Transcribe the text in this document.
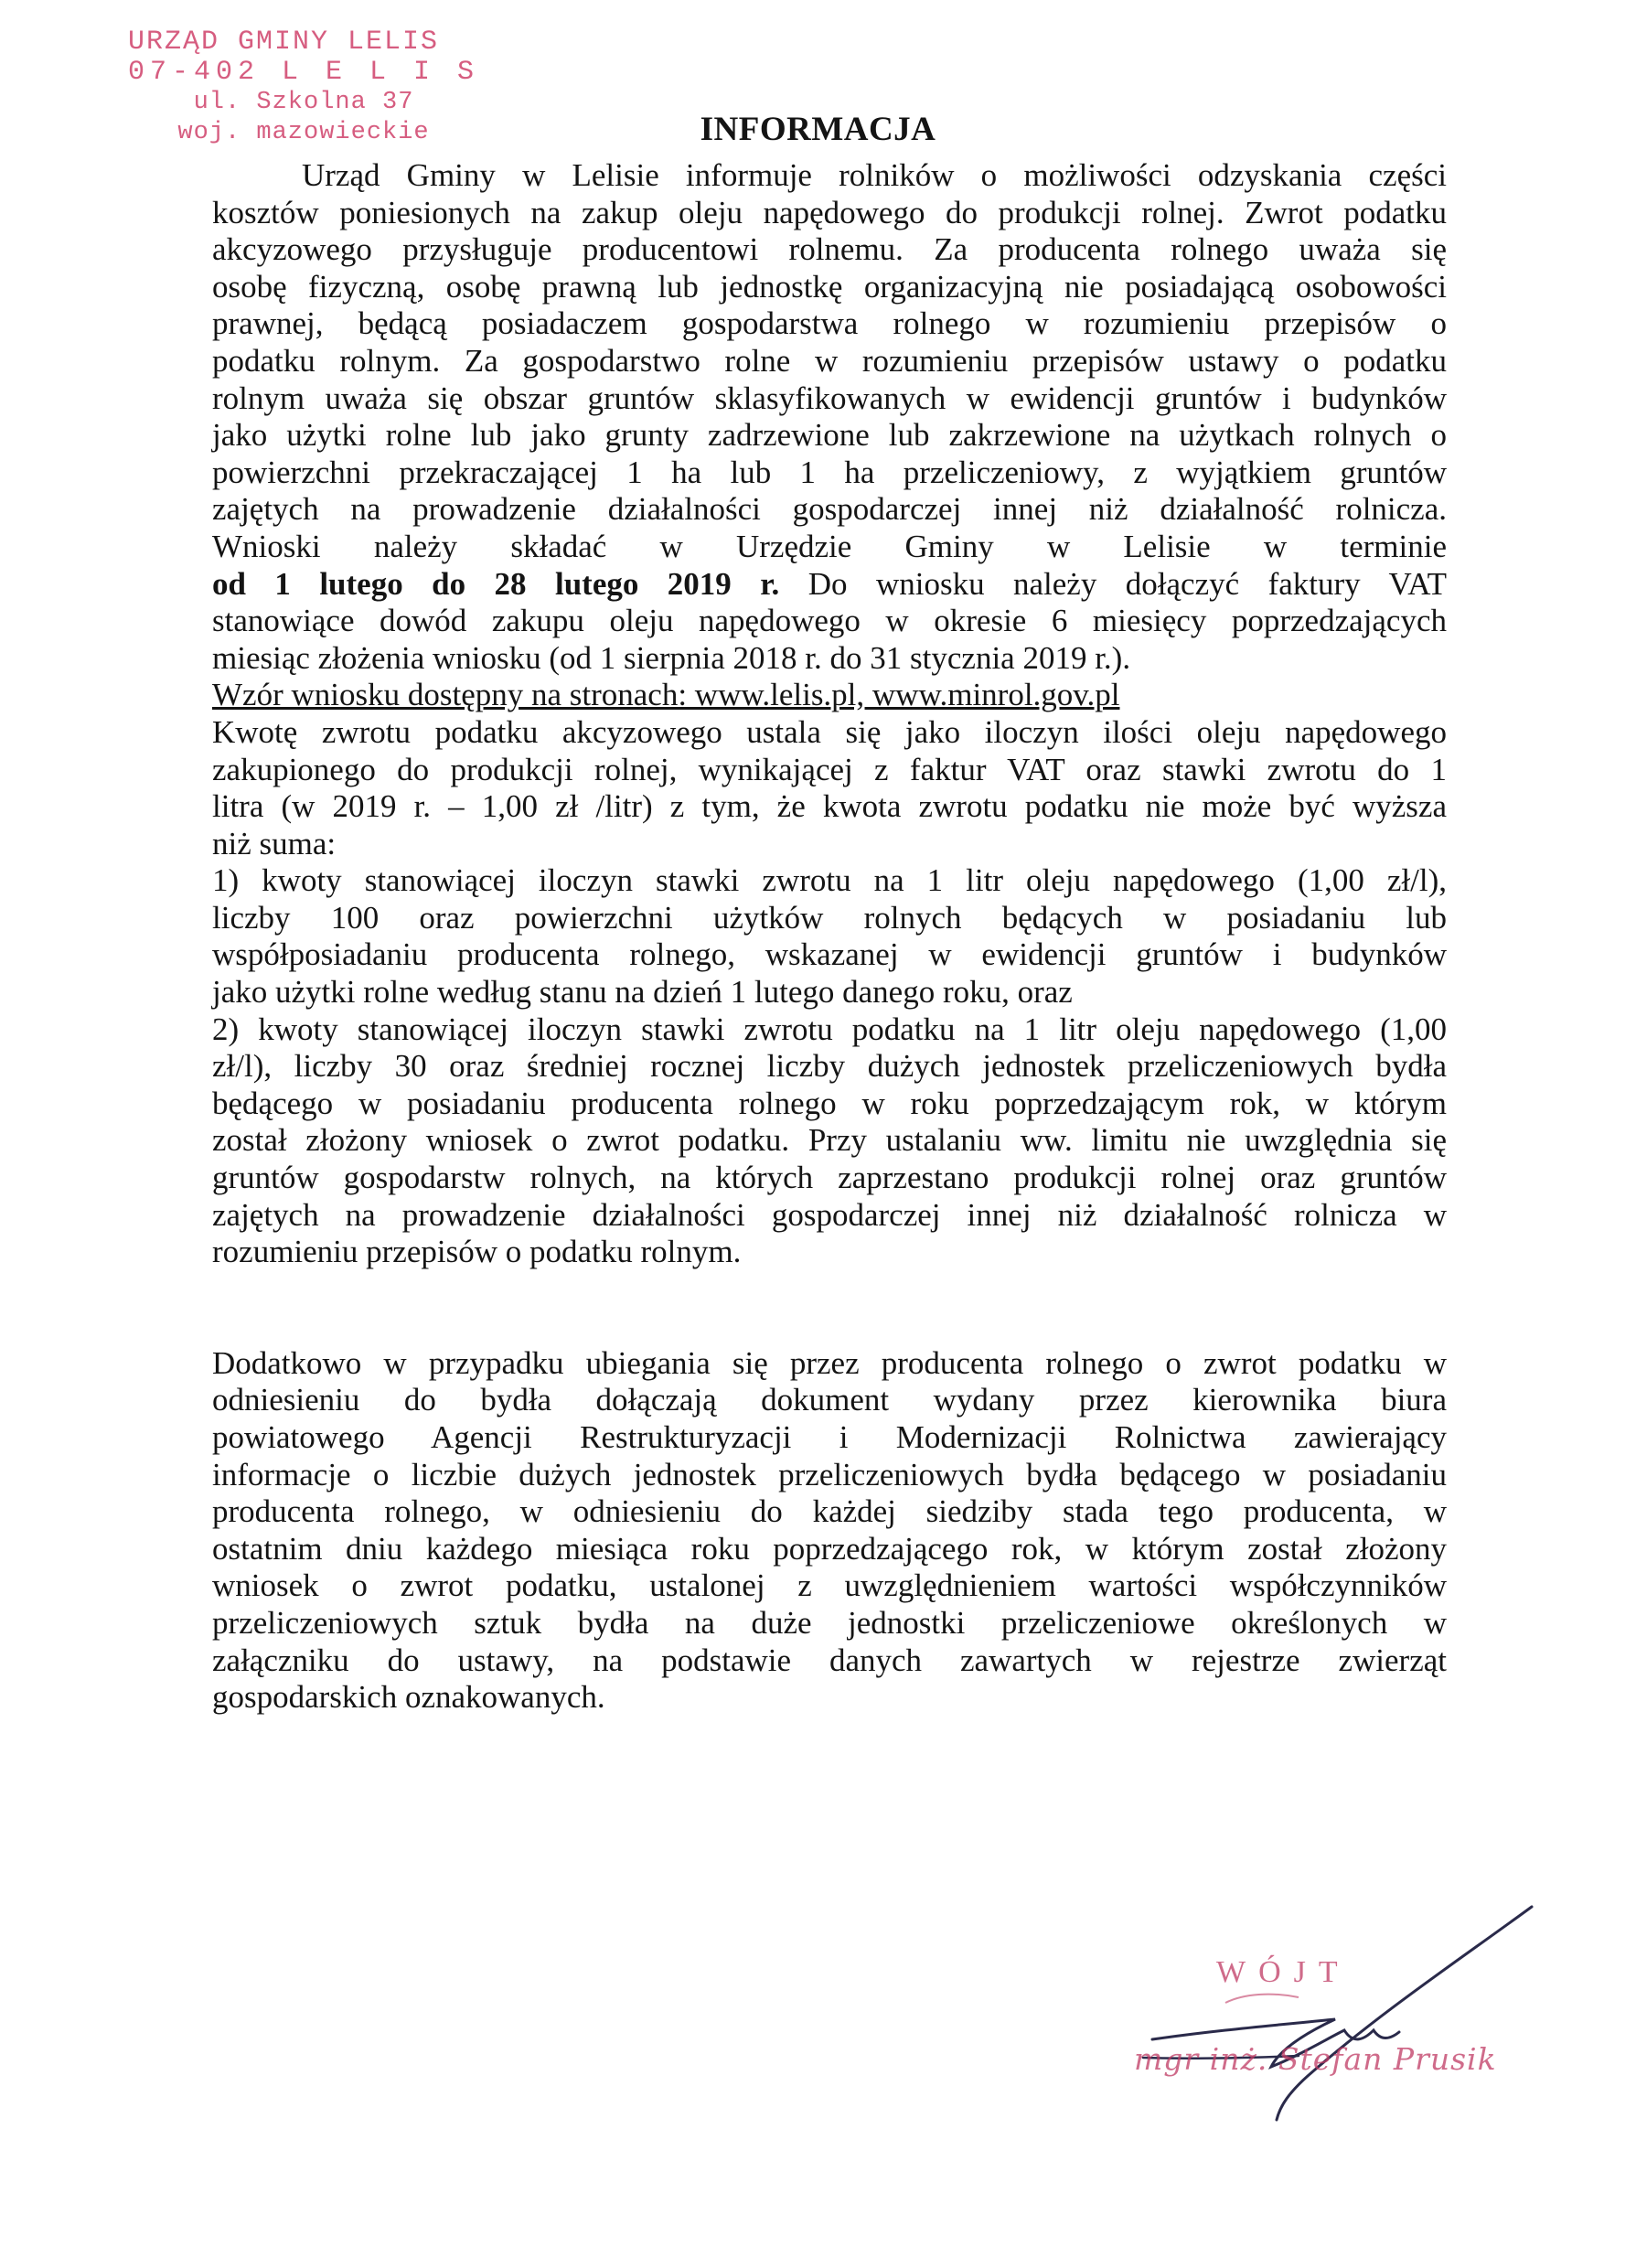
URZĄD GMINY LELIS
07-402 L E L I S
ul. Szkolna 37
woj. mazowieckie	INFORMACJA
Urząd Gminy w Lelisie informuje rolników o możliwości odzyskania części
kosztów poniesionych na zakup oleju napędowego do produkcji rolnej. Zwrot podatku
akcyzowego przysługuje producentowi rolnemu. Za producenta rolnego uważa się
osobę fizyczną, osobę prawną lub jednostkę organizacyjną nie posiadającą osobowości
prawnej, będącą posiadaczem gospodarstwa rolnego w rozumieniu przepisów o
podatku rolnym. Za gospodarstwo rolne w rozumieniu przepisów ustawy o podatku
rolnym uważa się obszar gruntów sklasyfikowanych w ewidencji gruntów i budynków
jako użytki rolne lub jako grunty zadrzewione lub zakrzewione na użytkach rolnych o
powierzchni przekraczającej 1 ha lub 1 ha przeliczeniowy, z wyjątkiem gruntów
zajętych na prowadzenie działalności gospodarczej innej niż działalność rolnicza.
Wnioski należy składać w Urzędzie Gminy w Lelisie w terminie
od 1 lutego do 28 lutego 2019 r. Do wniosku należy dołączyć faktury VAT
stanowiące dowód zakupu oleju napędowego w okresie 6 miesięcy poprzedzających
miesiąc złożenia wniosku (od 1 sierpnia 2018 r. do 31 stycznia 2019 r.).
Wzór wniosku dostępny na stronach: www.lelis.pl, www.minrol.gov.pl
Kwotę zwrotu podatku akcyzowego ustala się jako iloczyn ilości oleju napędowego
zakupionego do produkcji rolnej, wynikającej z faktur VAT oraz stawki zwrotu do 1
litra (w 2019 r. – 1,00 zł /litr) z tym, że kwota zwrotu podatku nie może być wyższa
niż suma:
1) kwoty stanowiącej iloczyn stawki zwrotu na 1 litr oleju napędowego (1,00 zł/l),
liczby 100 oraz powierzchni użytków rolnych będących w posiadaniu lub
współposiadaniu producenta rolnego, wskazanej w ewidencji gruntów i budynków
jako użytki rolne według stanu na dzień 1 lutego danego roku, oraz
2) kwoty stanowiącej iloczyn stawki zwrotu podatku na 1 litr oleju napędowego (1,00
zł/l), liczby 30 oraz średniej rocznej liczby dużych jednostek przeliczeniowych bydła
będącego w posiadaniu producenta rolnego w roku poprzedzającym rok, w którym
został złożony wniosek o zwrot podatku. Przy ustalaniu ww. limitu nie uwzględnia się
gruntów gospodarstw rolnych, na których zaprzestano produkcji rolnej oraz gruntów
zajętych na prowadzenie działalności gospodarczej innej niż działalność rolnicza w
rozumieniu przepisów o podatku rolnym.
Dodatkowo w przypadku ubiegania się przez producenta rolnego o zwrot podatku w
odniesieniu do bydła dołączają dokument wydany przez kierownika biura
powiatowego Agencji Restrukturyzacji i Modernizacji Rolnictwa zawierający
informacje o liczbie dużych jednostek przeliczeniowych bydła będącego w posiadaniu
producenta rolnego, w odniesieniu do każdej siedziby stada tego producenta, w
ostatnim dniu każdego miesiąca roku poprzedzającego rok, w którym został złożony
wniosek o zwrot podatku, ustalonej z uwzględnieniem wartości współczynników
przeliczeniowych sztuk bydła na duże jednostki przeliczeniowe określonych w
załączniku do ustawy, na podstawie danych zawartych w rejestrze zwierząt
gospodarskich oznakowanych.
WÓJT
mgr inż. Stefan Prusik
